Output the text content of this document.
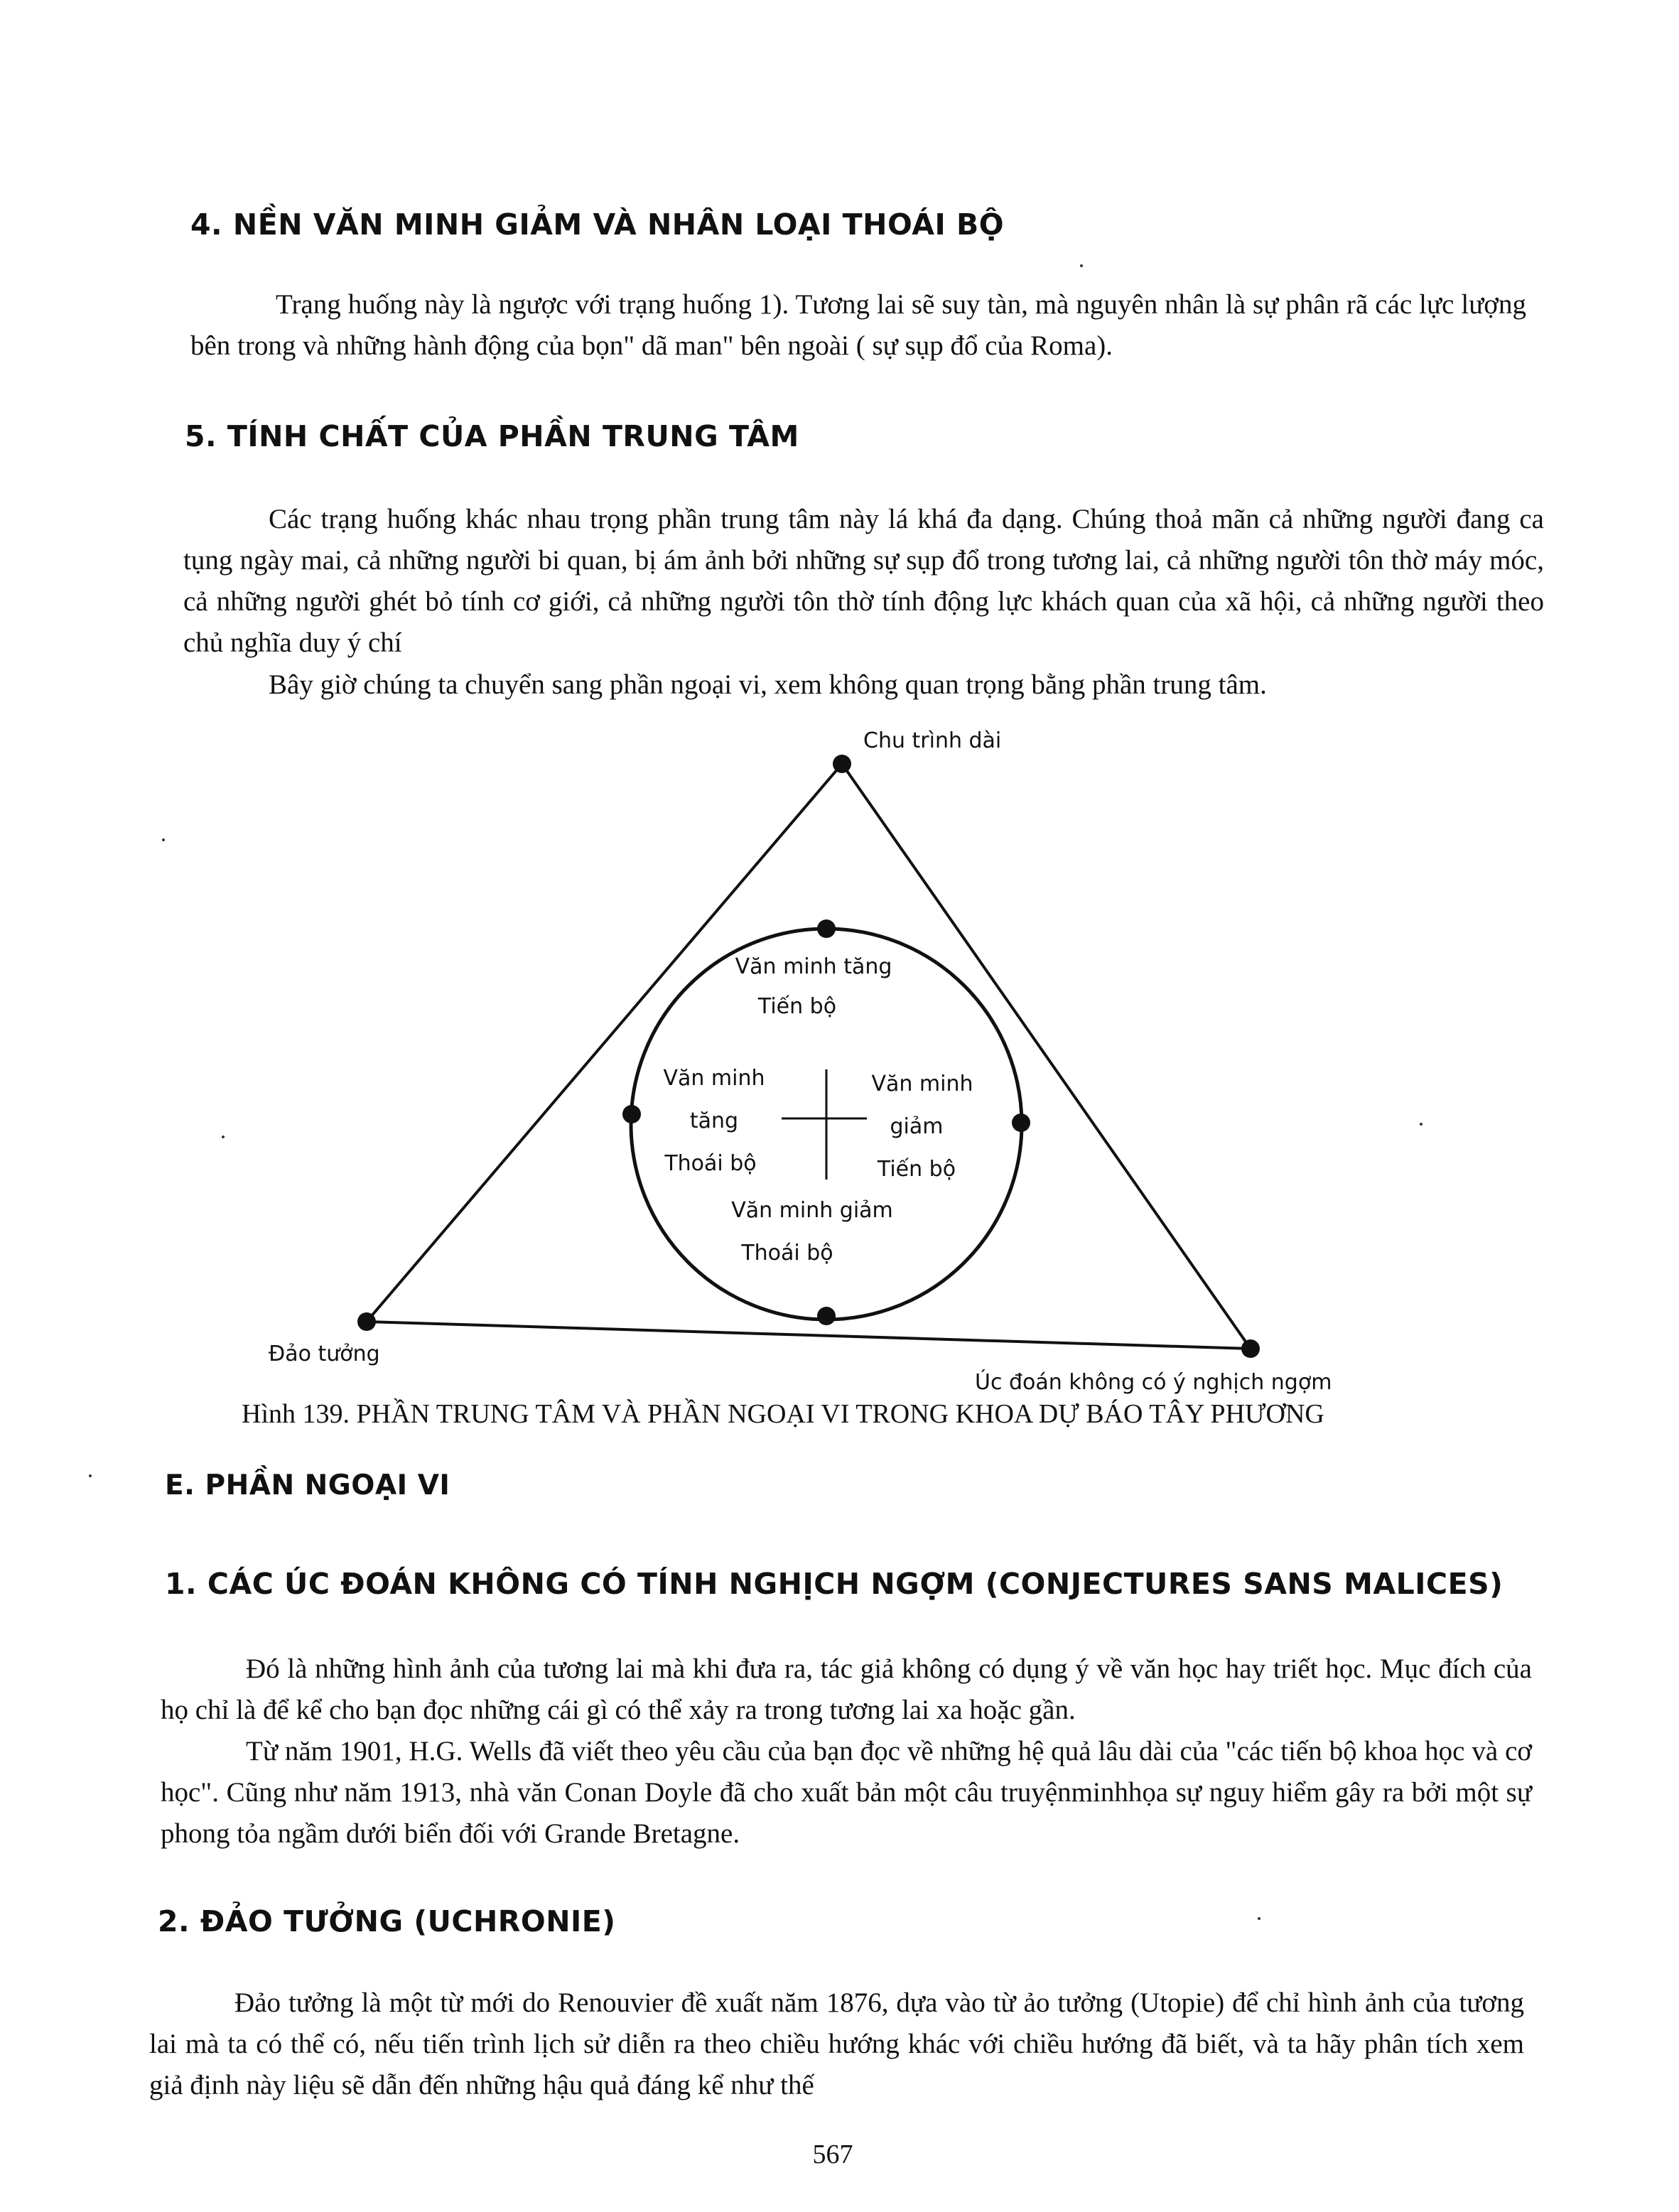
4. NỀN VĂN MINH GIẢM VÀ NHÂN LOẠI THOÁI BỘ

Trạng huống này là ngược với trạng huống 1). Tương lai sẽ suy tàn, mà nguyên nhân là sự phân rã các lực lượng bên trong và những hành động của bọn" dã man" bên ngoài ( sự sụp đổ của Roma).

5. TÍNH CHẤT CỦA PHẦN TRUNG TÂM

Các trạng huống khác nhau trọng phần trung tâm này lá khá đa dạng. Chúng thoả mãn cả những người đang ca tụng ngày mai, cả những người bi quan, bị ám ảnh bởi những sự sụp đổ trong tương lai, cả những người tôn thờ máy móc, cả những người ghét bỏ tính cơ giới, cả những người tôn thờ tính động lực khách quan của xã hội, cả những người theo chủ nghĩa duy ý chí

Bây giờ chúng ta chuyển sang phần ngoại vi, xem không quan trọng bằng phần trung tâm.

Chu trình dài
Đảo tưởng
Úc đoán không có ý nghịch ngợm
Văn minh tăng
Tiến bộ
Văn minh
tăng
Thoái bộ
Văn minh
giảm
Tiến bộ
Văn minh giảm
Thoái bộ

Hình 139. PHẦN TRUNG TÂM VÀ PHẦN NGOẠI VI TRONG KHOA DỰ BÁO TÂY PHƯƠNG

E. PHẦN NGOẠI VI
1. CÁC ÚC ĐOÁN KHÔNG CÓ TÍNH NGHỊCH NGỢM (CONJECTURES SANS MALICES)

Đó là những hình ảnh của tương lai mà khi đưa ra, tác giả không có dụng ý về văn học hay triết học. Mục đích của họ chỉ là để kể cho bạn đọc những cái gì có thể xảy ra trong tương lai xa hoặc gần.

Từ năm 1901, H.G. Wells đã viết theo yêu cầu của bạn đọc về những hệ quả lâu dài của "các tiến bộ khoa học và cơ học". Cũng như năm 1913, nhà văn Conan Doyle đã cho xuất bản một câu truyệnminhhọa sự nguy hiểm gây ra bởi một sự phong tỏa ngầm dưới biển đối với Grande Bretagne.

2. ĐẢO TƯỞNG (UCHRONIE)

Đảo tưởng là một từ mới do Renouvier đề xuất năm 1876, dựa vào từ ảo tưởng (Utopie) để chỉ hình ảnh của tương lai mà ta có thể có, nếu tiến trình lịch sử diễn ra theo chiều hướng khác với chiều hướng đã biết, và ta hãy phân tích xem giả định này liệu sẽ dẫn đến những hậu quả đáng kể như thế

567
